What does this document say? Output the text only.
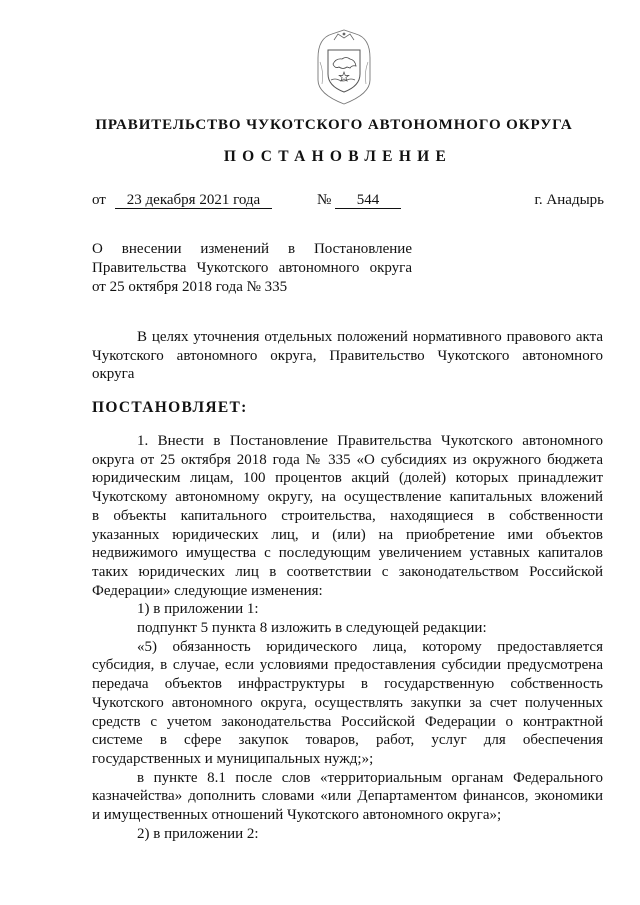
ПРАВИТЕЛЬСТВО ЧУКОТСКОГО АВТОНОМНОГО ОКРУГА
ПОСТАНОВЛЕНИЕ
от	23 декабря 2021 года	№	544	г. Анадырь
О внесении изменений в Постановление
Правительства Чукотского автономного округа
от 25 октября 2018 года № 335
В целях уточнения отдельных положений нормативного правового акта
Чукотского автономного округа, Правительство Чукотского автономного
округа
ПОСТАНОВЛЯЕТ:
1. Внести в Постановление Правительства Чукотского автономного
округа от 25 октября 2018 года № 335 «О субсидиях из окружного бюджета
юридическим лицам, 100 процентов акций (долей) которых принадлежит
Чукотскому автономному округу, на осуществление капитальных вложений
в объекты капитального строительства, находящиеся в собственности
указанных юридических лиц, и (или) на приобретение ими объектов
недвижимого имущества с последующим увеличением уставных капиталов
таких юридических лиц в соответствии с законодательством Российской
Федерации» следующие изменения:
1) в приложении 1:
подпункт 5 пункта 8 изложить в следующей редакции:
«5) обязанность юридического лица, которому предоставляется
субсидия, в случае, если условиями предоставления субсидии предусмотрена
передача объектов инфраструктуры в государственную собственность
Чукотского автономного округа, осуществлять закупки за счет полученных
средств с учетом законодательства Российской Федерации о контрактной
системе в сфере закупок товаров, работ, услуг для обеспечения
государственных и муниципальных нужд;»;
в пункте 8.1 после слов «территориальным органам Федерального
казначейства» дополнить словами «или Департаментом финансов, экономики
и имущественных отношений Чукотского автономного округа»;
2) в приложении 2:
